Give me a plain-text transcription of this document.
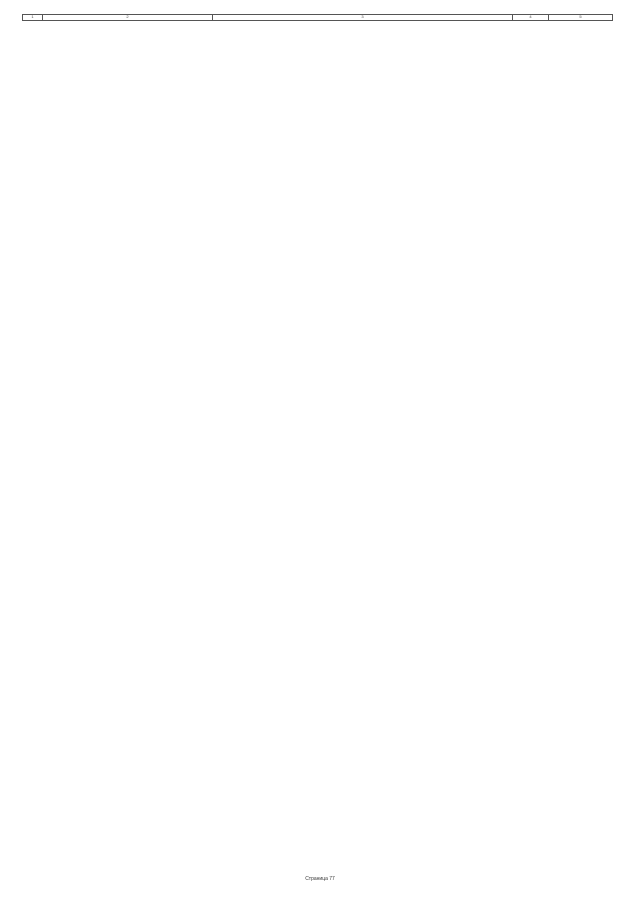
1	2	3	4	5
Страница 77
